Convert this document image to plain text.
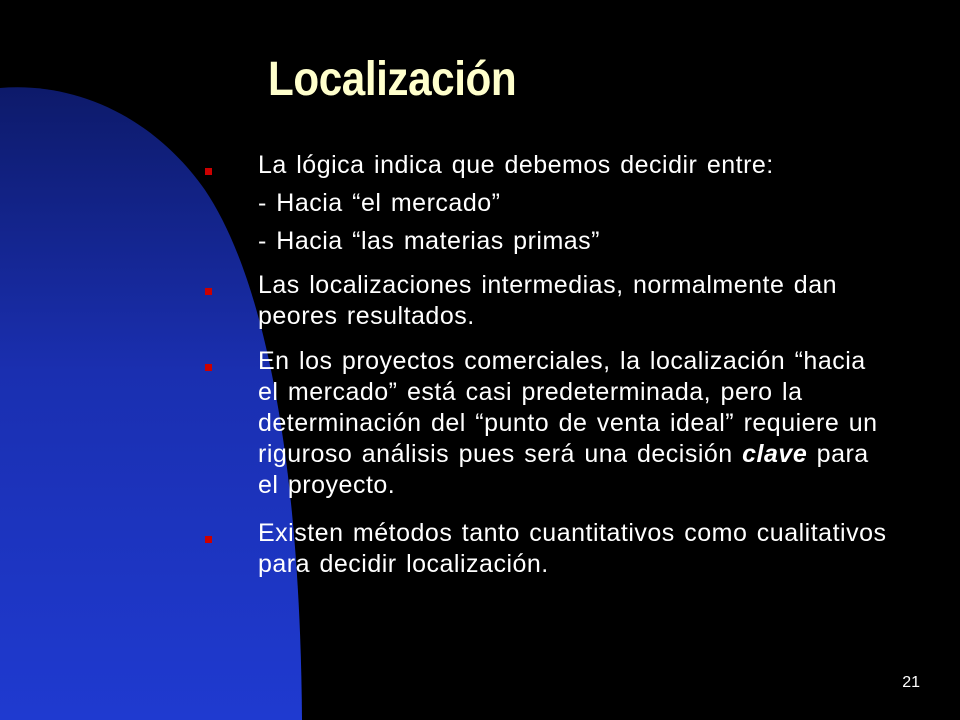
Localización
La lógica indica que debemos decidir entre:
- Hacia “el mercado”
- Hacia “las materias primas”
Las localizaciones intermedias, normalmente dan peores resultados.
En los proyectos comerciales, la localización “hacia el mercado” está casi predeterminada, pero la determinación del “punto de venta ideal” requiere un riguroso análisis pues será una decisión clave para el proyecto.
Existen métodos tanto cuantitativos como cualitativos para decidir localización.
21
